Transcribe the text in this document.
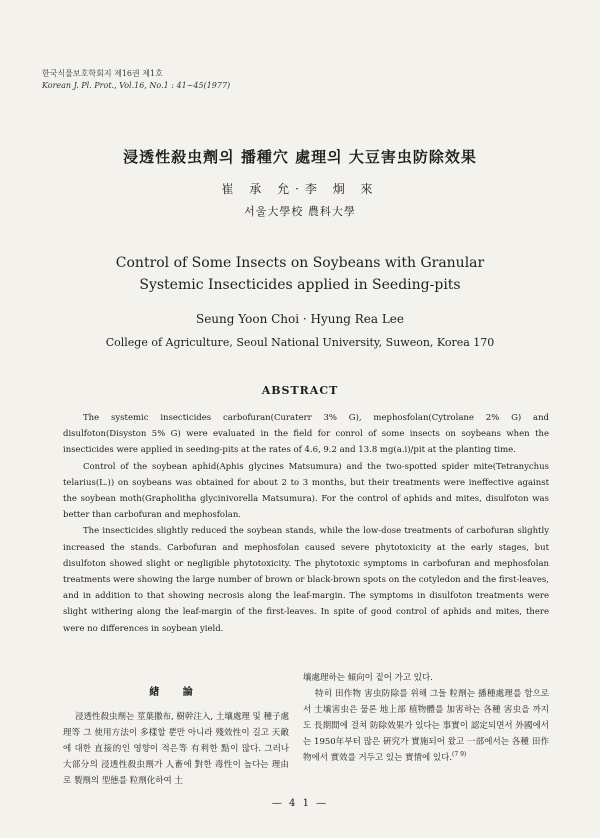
한국식물보호학회지 제16권 제1호
Korean J. Pl. Prot., Vol.16, No.1 : 41~45(1977)
浸透性殺虫劑의 播種穴 處理의 大豆害虫防除效果
崔 承 允·李 炯 來
서울大學校 農科大學
Control of Some Insects on Soybeans with Granular
Systemic Insecticides applied in Seeding-pits
Seung Yoon Choi · Hyung Rea Lee
College of Agriculture, Seoul National University, Suweon, Korea 170
ABSTRACT

The systemic insecticides carbofuran(Curaterr 3% G), mephosfolan(Cytrolane 2% G) and disulfoton(Disyston 5% G) were evaluated in the field for conrol of some insects on soybeans when the insecticides were applied in seeding-pits at the rates of 4.6, 9.2 and 13.8 mg(a.i)/pit at the planting time.

Control of the soybean aphid(Aphis glycines Matsumura) and the two-spotted spider mite(Tetranychus telarius(L.)) on soybeans was obtained for about 2 to 3 months, but their treatments were ineffective against the soybean moth(Grapholitha glycinivorella Matsumura). For the control of aphids and mites, disulfoton was better than carbofuran and mephosfolan.

The insecticides slightly reduced the soybean stands, while the low-dose treatments of carbofuran slightly increased the stands. Carbofuran and mephosfolan caused severe phytotoxicity at the early stages, but disulfoton showed slight or negligible phytotoxicity. The phytotoxic symptoms in carbofuran and mephosfolan treatments were showing the large number of brown or black-brown spots on the cotyledon and the first-leaves, and in addition to that showing necrosis along the leaf-margin. The symptoms in disulfoton treatments were slight withering along the leaf-margin of the first-leaves. In spite of good control of aphids and mites, there were no differences in soybean yield.

緖 論

浸透性殺虫劑는 莖葉撒布, 樹幹注入, 土壤處理 및 種子處理等 그 使用方法이 多樣할 뿐만 아니라 殘效性이 길고 天敵에 대한 直接的인 영향이 적은等 有利한 點이 많다. 그러나 大部分의 浸透性殺虫劑가 人畜에 對한 毒性이 높다는 理由로 製劑의 型態를 粒劑化하여 土

壤處理하는 傾向이 짙어 가고 있다.

特히 田作物 害虫防除를 위해 그들 粒劑는 播種處理를 함으로서 土壤害虫은 물론 地上部 植物體를 加害하는 各種 害虫을 까지도 長期間에 걸쳐 防除效果가 있다는 事實이 認定되면서 外國에서는 1950年부터 많은 硏究가 實施되어 왔고 一部에서는 各種 田作物에서 實效를 거두고 있는 實情에 있다.$^{(7 9)}$

— 4 1 —
